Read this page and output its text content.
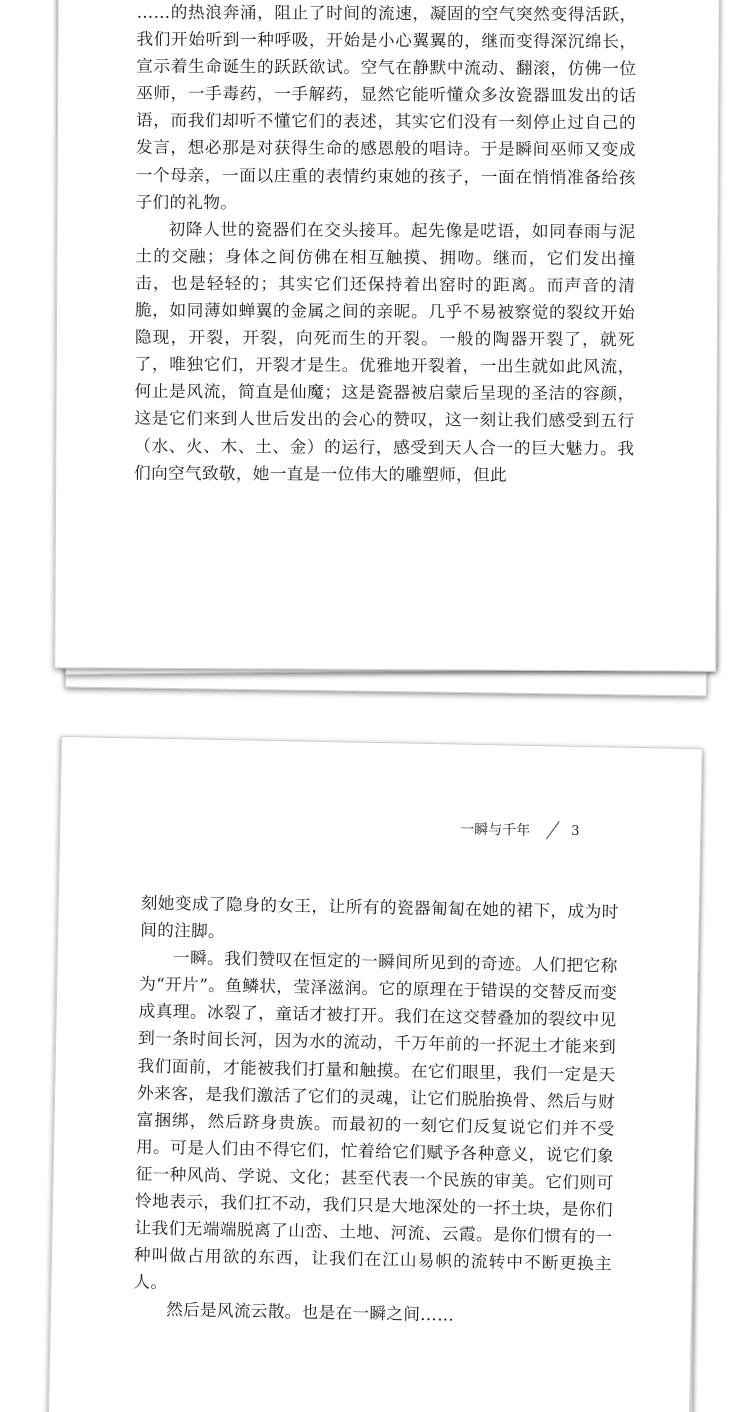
……的热浪奔涌，阻止了时间的流速，凝固的空气突然变得活跃，我们开始听到一种呼吸，开始是小心翼翼的，继而变得深沉绵长，宣示着生命诞生的跃跃欲试。空气在静默中流动、翻滚，仿佛一位巫师，一手毒药，一手解药，显然它能听懂众多汝瓷器皿发出的话语，而我们却听不懂它们的表述，其实它们没有一刻停止过自己的发言，想必那是对获得生命的感恩般的唱诗。于是瞬间巫师又变成一个母亲，一面以庄重的表情约束她的孩子，一面在悄悄准备给孩子们的礼物。

初降人世的瓷器们在交头接耳。起先像是呓语，如同春雨与泥土的交融；身体之间仿佛在相互触摸、拥吻。继而，它们发出撞击，也是轻轻的；其实它们还保持着出窑时的距离。而声音的清脆，如同薄如蝉翼的金属之间的亲昵。几乎不易被察觉的裂纹开始隐现，开裂，开裂，向死而生的开裂。一般的陶器开裂了，就死了，唯独它们，开裂才是生。优雅地开裂着，一出生就如此风流，何止是风流，简直是仙魔；这是瓷器被启蒙后呈现的圣洁的容颜，这是它们来到人世后发出的会心的赞叹，这一刻让我们感受到五行（水、火、木、土、金）的运行，感受到天人合一的巨大魅力。我们向空气致敬，她一直是一位伟大的雕塑师，但此

一瞬与千年	3

刻她变成了隐身的女王，让所有的瓷器匍匐在她的裙下，成为时间的注脚。

一瞬。我们赞叹在恒定的一瞬间所见到的奇迹。人们把它称为“开片”。鱼鳞状，莹泽滋润。它的原理在于错误的交替反而变成真理。冰裂了，童话才被打开。我们在这交替叠加的裂纹中见到一条时间长河，因为水的流动，千万年前的一抔泥土才能来到我们面前，才能被我们打量和触摸。在它们眼里，我们一定是天外来客，是我们激活了它们的灵魂，让它们脱胎换骨、然后与财富捆绑，然后跻身贵族。而最初的一刻它们反复说它们并不受用。可是人们由不得它们，忙着给它们赋予各种意义，说它们象征一种风尚、学说、文化；甚至代表一个民族的审美。它们则可怜地表示，我们扛不动，我们只是大地深处的一抔土块，是你们让我们无端端脱离了山峦、土地、河流、云霞。是你们惯有的一种叫做占用欲的东西，让我们在江山易帜的流转中不断更换主人。

然后是风流云散。也是在一瞬之间……
